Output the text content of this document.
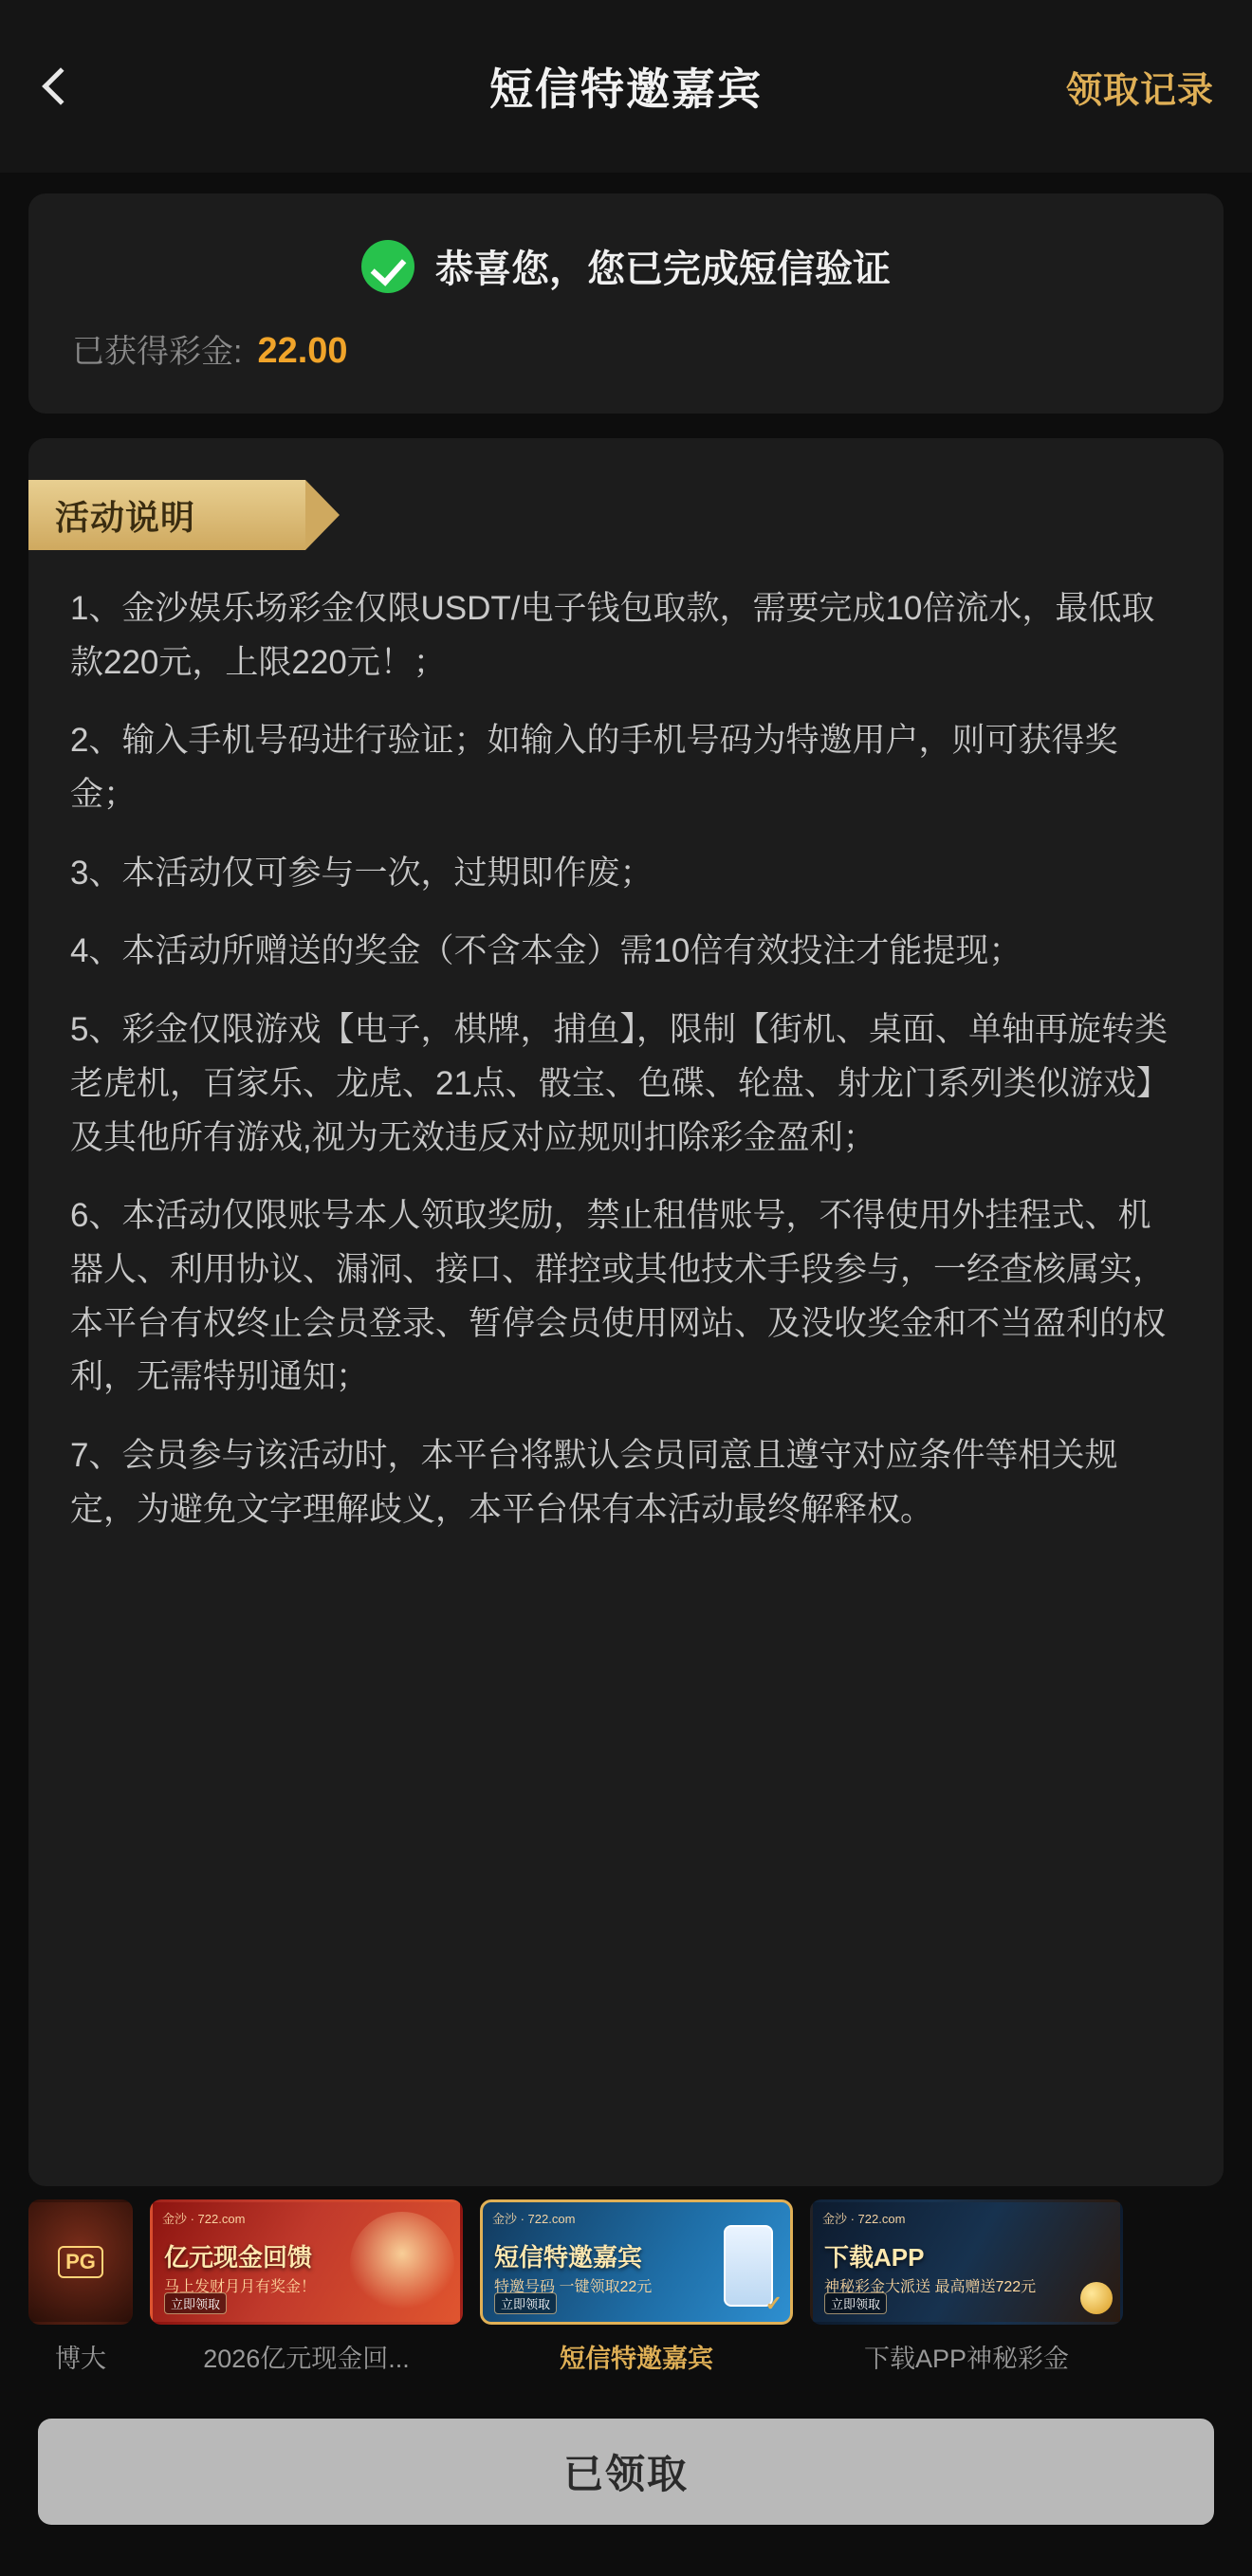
短信特邀嘉宾	领取记录
恭喜您，您已完成短信验证
已获得彩金: 22.00
活动说明

1、金沙娱乐场彩金仅限USDT/电子钱包取款，需要完成10倍流水，最低取款220元，上限220元！；

2、输入手机号码进行验证；如输入的手机号码为特邀用户，则可获得奖金；

3、本活动仅可参与一次，过期即作废；

4、本活动所赠送的奖金（不含本金）需10倍有效投注才能提现；

5、彩金仅限游戏【电子，棋牌，捕鱼】，限制【街机、桌面、单轴再旋转类老虎机，百家乐、龙虎、21点、骰宝、色碟、轮盘、射龙门系列类似游戏】及其他所有游戏,视为无效违反对应规则扣除彩金盈利；

6、本活动仅限账号本人领取奖励，禁止租借账号，不得使用外挂程式、机器人、利用协议、漏洞、接口、群控或其他技术手段参与，一经查核属实，本平台有权终止会员登录、暂停会员使用网站、及没收奖金和不当盈利的权利，无需特别通知；

7、会员参与该活动时，本平台将默认会员同意且遵守对应条件等相关规定，为避免文字理解歧义，本平台保有本活动最终解释权。

PG
博大
金沙 · 722.com
亿元现金回馈
马上发财月月有奖金！
立即领取
2026亿元现金回...
金沙 · 722.com
短信特邀嘉宾
特邀号码 一键领取22元
立即领取	✓
短信特邀嘉宾
金沙 · 722.com
下载APP
神秘彩金大派送 最高赠送722元
立即领取
下载APP神秘彩金
已领取
